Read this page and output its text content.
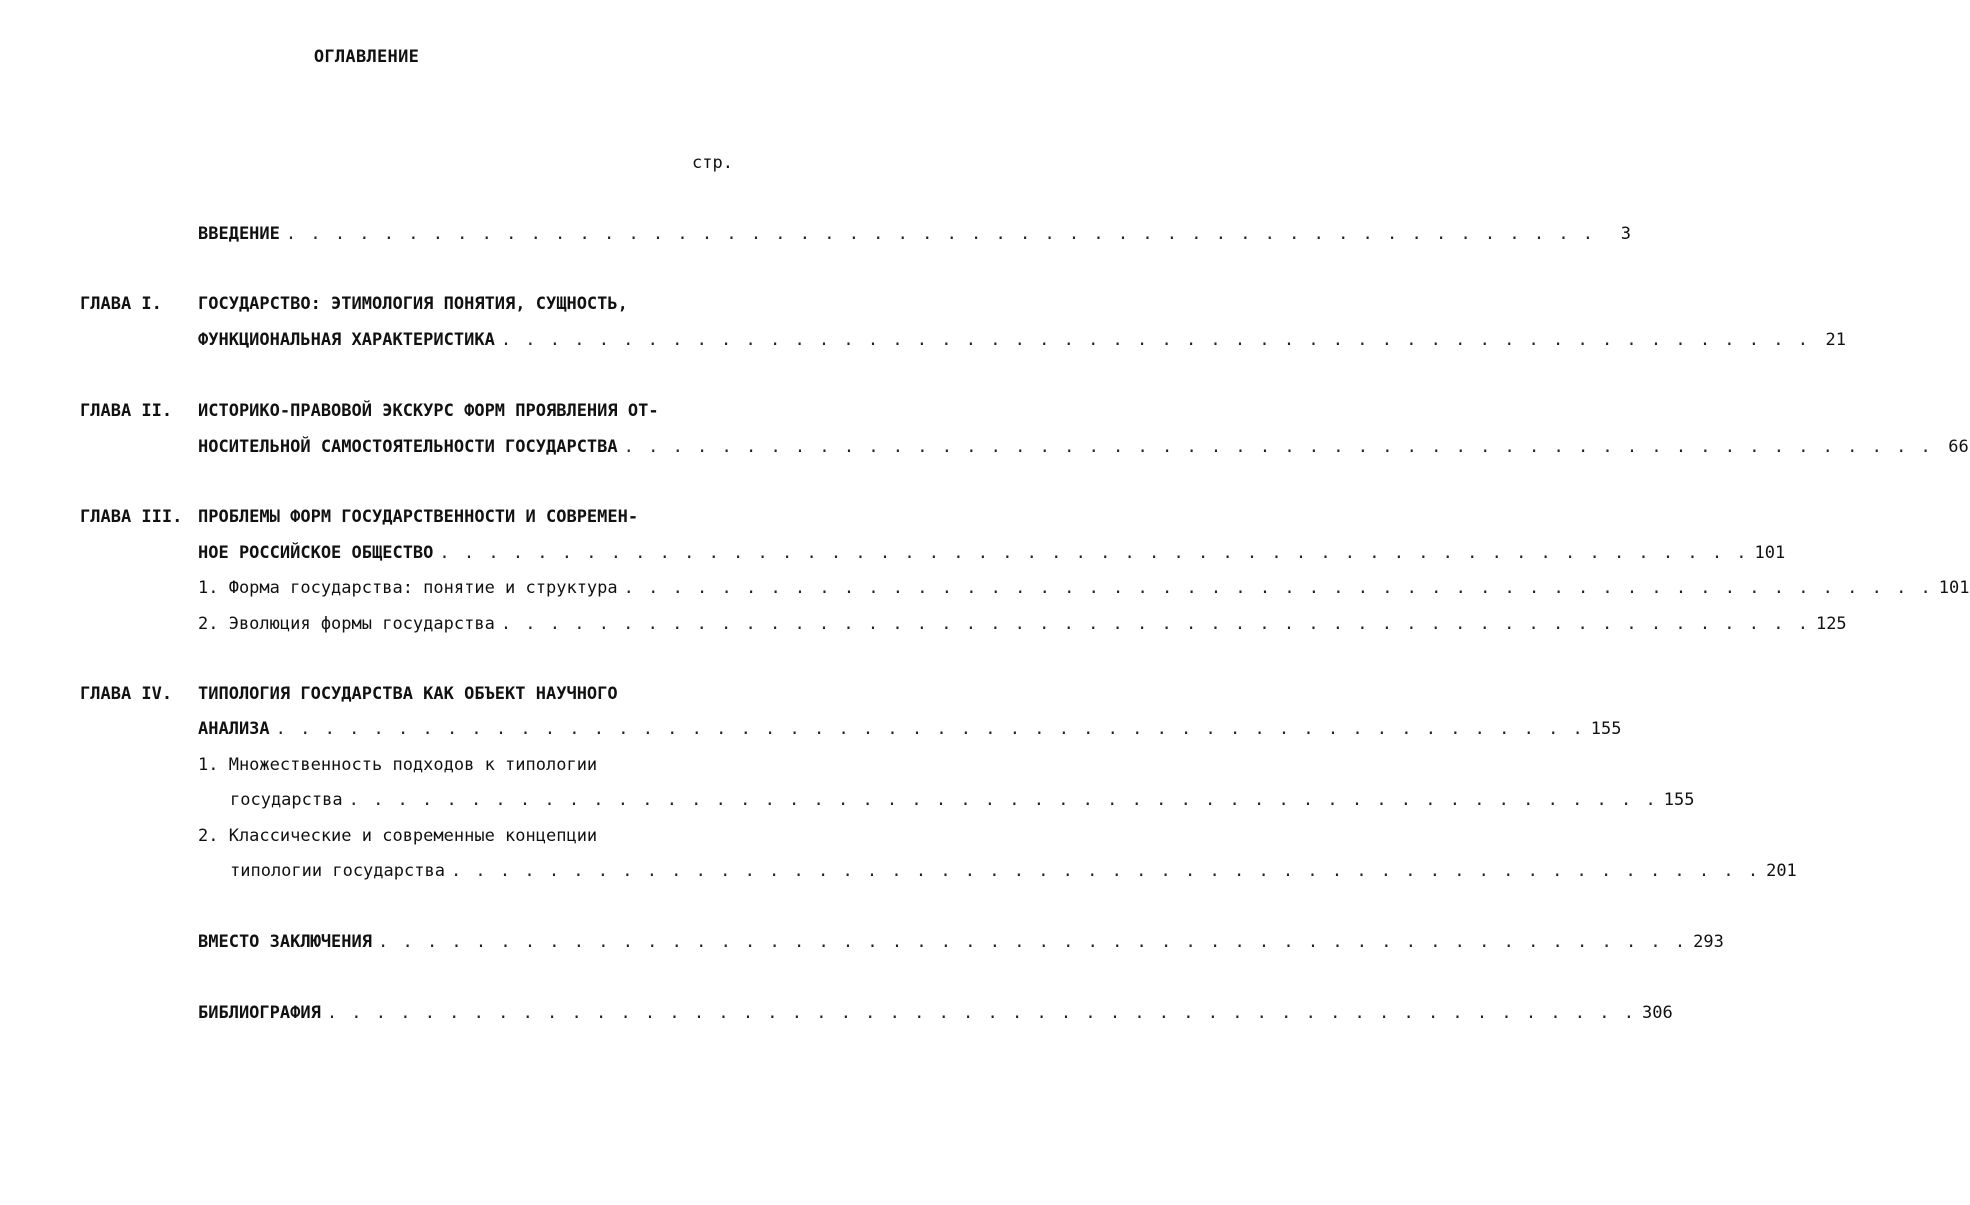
ОГЛАВЛЕНИЕ
стр.
ВВЕДЕНИЕ . . . . . . . . . . . . . . . . . . . . . . . . . . . . . . . . . . . . . . . . . . . . . . . . . . . . . .	3
ГЛАВА I. ГОСУДАРСТВО: ЭТИМОЛОГИЯ ПОНЯТИЯ, СУЩНОСТЬ,
ФУНКЦИОНАЛЬНАЯ ХАРАКТЕРИСТИКА . . . . . . . . . . . . . . . . . . . . . . . . . . . . . . . . . . . . . . . . . . . . . . . . . . . . . . 21
ГЛАВА II. ИСТОРИКО-ПРАВОВОЙ ЭКСКУРС ФОРМ ПРОЯВЛЕНИЯ ОТ-
НОСИТЕЛЬНОЙ САМОСТОЯТЕЛЬНОСТИ ГОСУДАРСТВА . . . . . . . . . . . . . . . . . . . . . . . . . . . . . . . . . . . . . . . . . . . . . . . . . . . . . . 66
ГЛАВА III. ПРОБЛЕМЫ ФОРМ ГОСУДАРСТВЕННОСТИ И СОВРЕМЕН-
НОЕ РОССИЙСКОЕ ОБЩЕСТВО . . . . . . . . . . . . . . . . . . . . . . . . . . . . . . . . . . . . . . . . . . . . . . . . . . . . . . 101
1. Форма государства: понятие и структура . . . . . . . . . . . . . . . . . . . . . . . . . . . . . . . . . . . . . . . . . . . . . . . . . . . . . . 101
2. Эволюция формы государства . . . . . . . . . . . . . . . . . . . . . . . . . . . . . . . . . . . . . . . . . . . . . . . . . . . . . . 125
ГЛАВА IV. ТИПОЛОГИЯ ГОСУДАРСТВА КАК ОБЪЕКТ НАУЧНОГО
АНАЛИЗА . . . . . . . . . . . . . . . . . . . . . . . . . . . . . . . . . . . . . . . . . . . . . . . . . . . . . . 155
1. Множественность подходов к типологии
государства . . . . . . . . . . . . . . . . . . . . . . . . . . . . . . . . . . . . . . . . . . . . . . . . . . . . . . 155
2. Классические и современные концепции
типологии государства . . . . . . . . . . . . . . . . . . . . . . . . . . . . . . . . . . . . . . . . . . . . . . . . . . . . . . 201
ВМЕСТО ЗАКЛЮЧЕНИЯ . . . . . . . . . . . . . . . . . . . . . . . . . . . . . . . . . . . . . . . . . . . . . . . . . . . . . . 293
БИБЛИОГРАФИЯ . . . . . . . . . . . . . . . . . . . . . . . . . . . . . . . . . . . . . . . . . . . . . . . . . . . . . . 306
